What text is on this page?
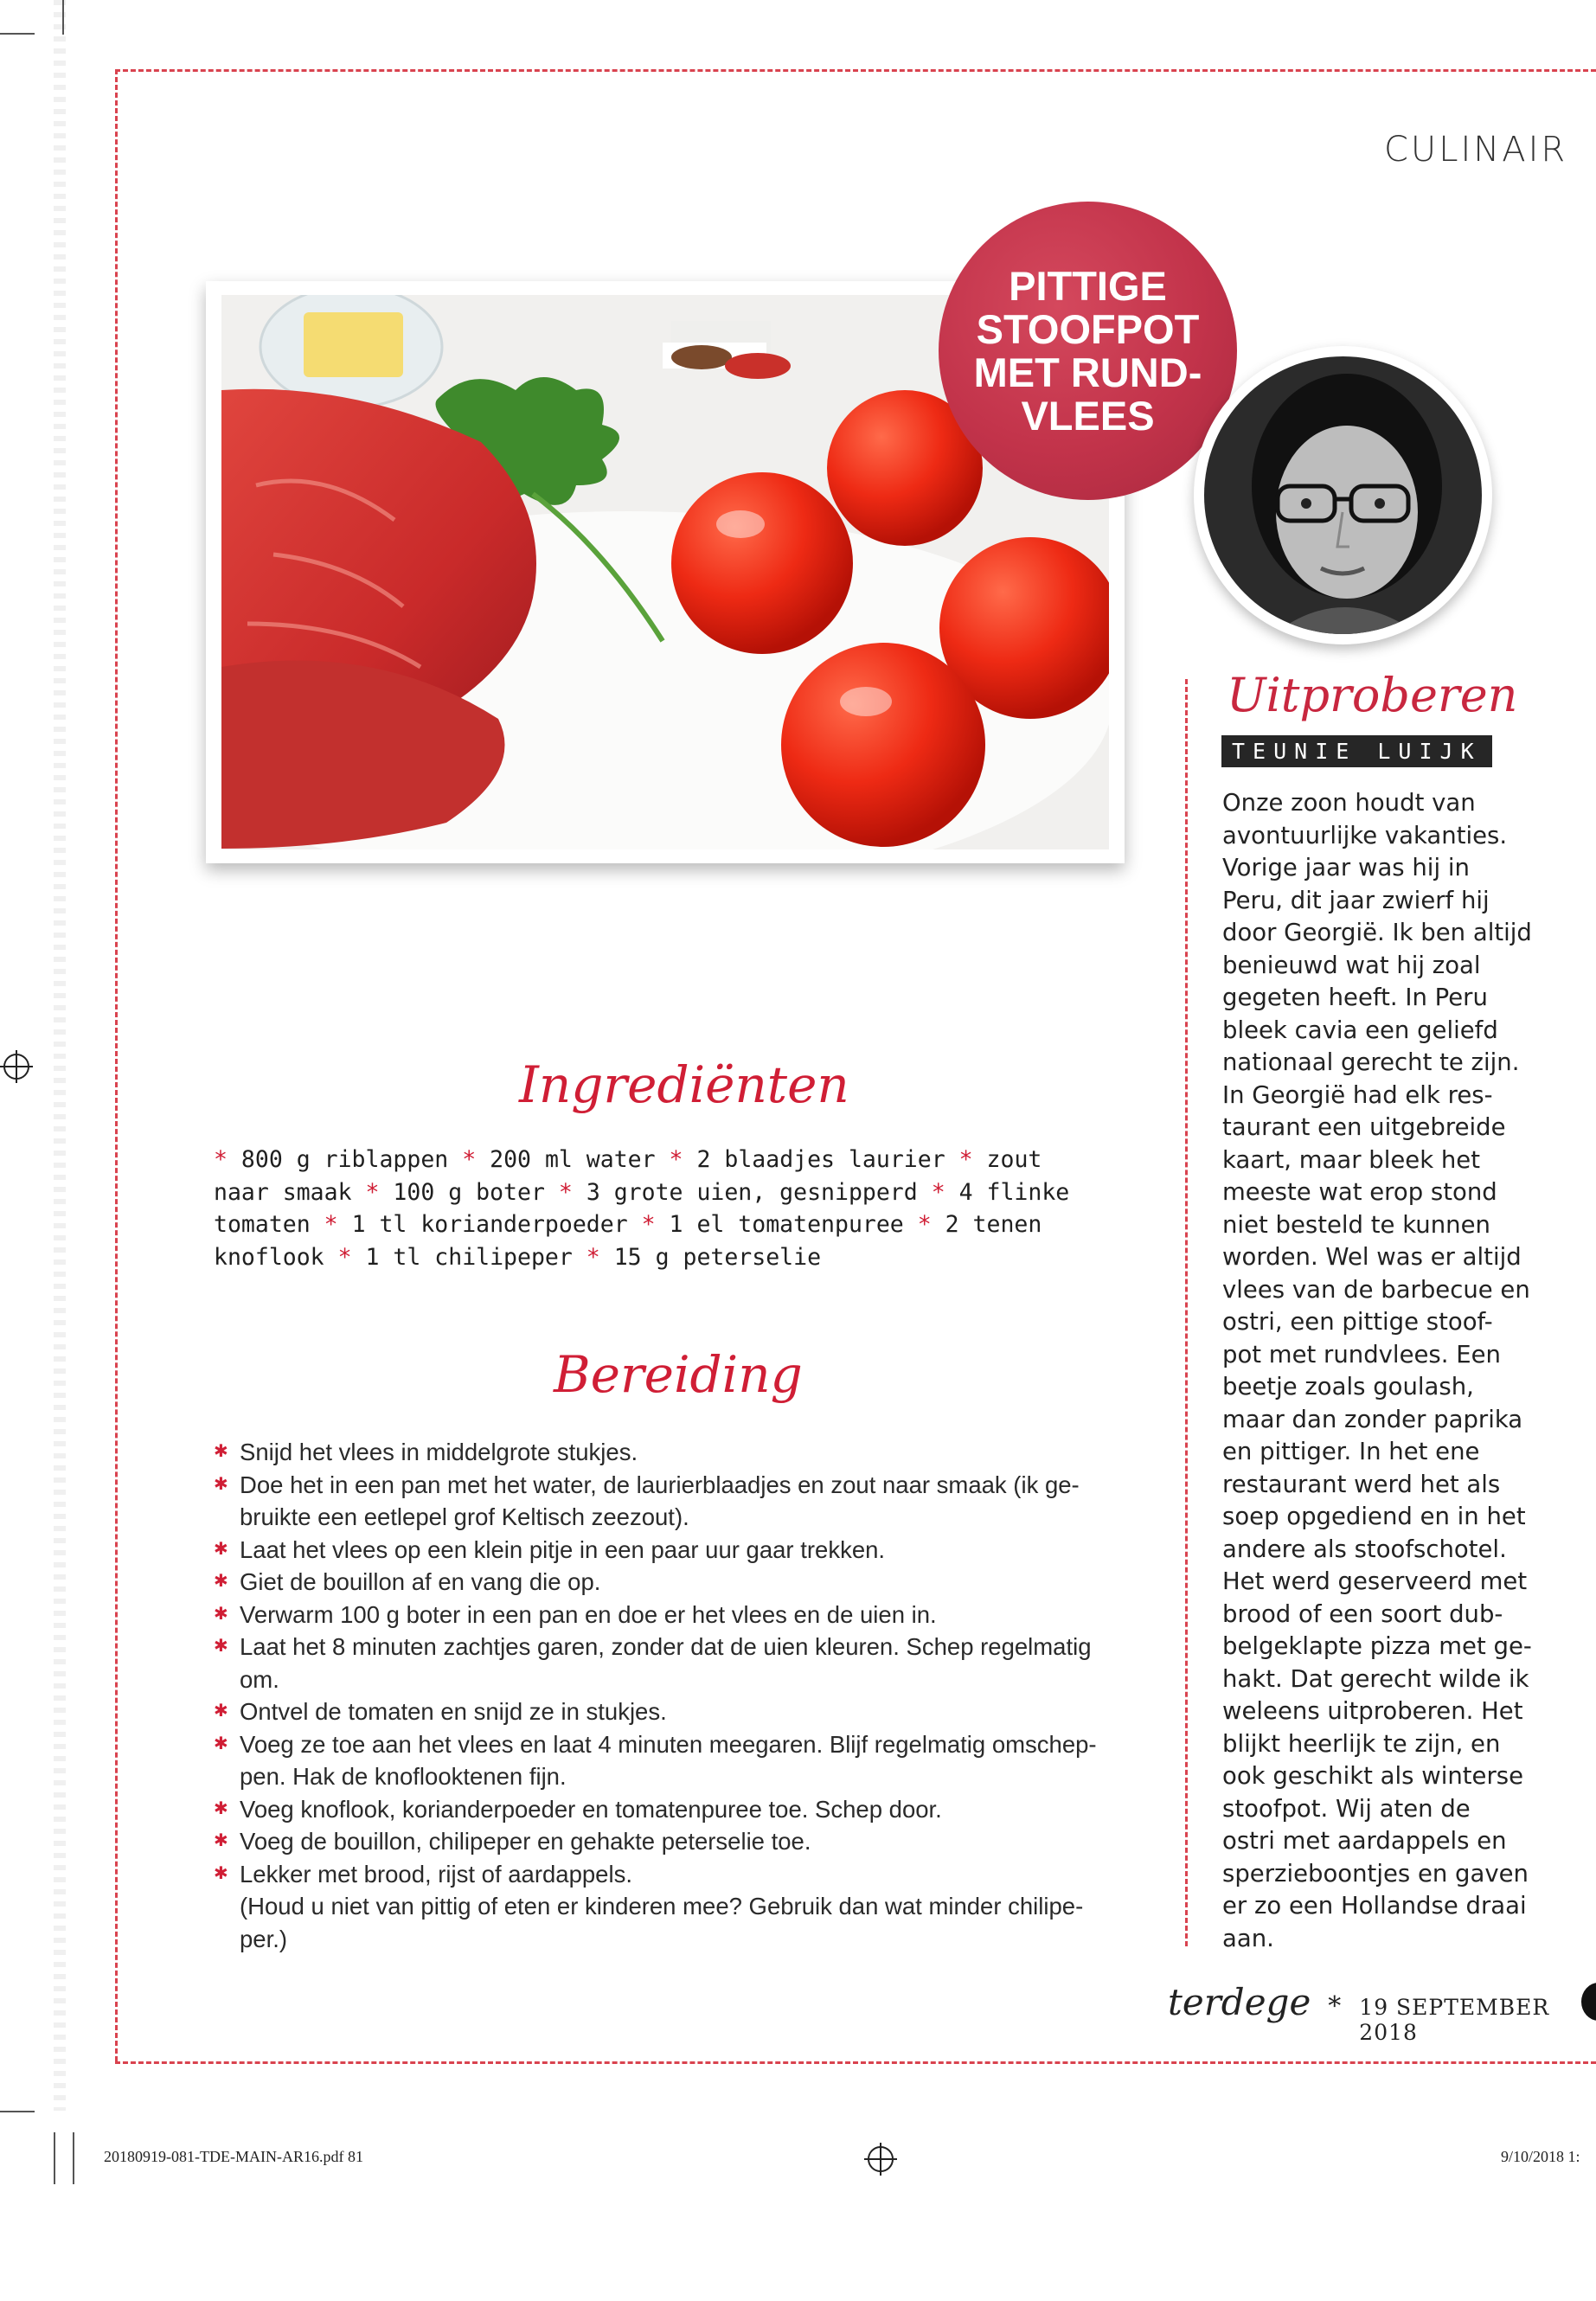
CULINAIR
PITTIGE
STOOFPOT
MET RUND-
VLEES
Uitproberen
TEUNIE LUIJK

Onze zoon houdt van

avontuurlijke vakanties.

Vorige jaar was hij in

Peru, dit jaar zwierf hij

door Georgië. Ik ben altijd

benieuwd wat hij zoal

gegeten heeft. In Peru

bleek cavia een geliefd

nationaal gerecht te zijn.

In Georgië had elk res-

taurant een uitgebreide

kaart, maar bleek het

meeste wat erop stond

niet besteld te kunnen

worden. Wel was er altijd

vlees van de barbecue en

ostri, een pittige stoof-

pot met rundvlees. Een

beetje zoals goulash,

maar dan zonder paprika

en pittiger. In het ene

restaurant werd het als

soep opgediend en in het

andere als stoofschotel.

Het werd geserveerd met

brood of een soort dub-

belgeklapte pizza met ge-

hakt. Dat gerecht wilde ik

weleens uitproberen. Het

blijkt heerlijk te zijn, en

ook geschikt als winterse

stoofpot. Wij aten de

ostri met aardappels en

sperzieboontjes en gaven

er zo een Hollandse draai

aan.

Ingrediënten
* 800 g riblappen * 200 ml water * 2 blaadjes laurier * zout
naar smaak * 100 g boter * 3 grote uien, gesnipperd * 4 flinke
tomaten * 1 tl korianderpoeder * 1 el tomatenpuree * 2 tenen
knoflook * 1 tl chilipeper * 15 g peterselie
Bereiding
✱ Snijd het vlees in middelgrote stukjes.
✱ Doe het in een pan met het water, de laurierblaadjes en zout naar smaak (ik ge-bruikte een eetlepel grof Keltisch zeezout).
✱ Laat het vlees op een klein pitje in een paar uur gaar trekken.
✱ Giet de bouillon af en vang die op.
✱ Verwarm 100 g boter in een pan en doe er het vlees en de uien in.
✱ Laat het 8 minuten zachtjes garen, zonder dat de uien kleuren. Schep regelmatig om.
✱ Ontvel de tomaten en snijd ze in stukjes.
✱ Voeg ze toe aan het vlees en laat 4 minuten meegaren. Blijf regelmatig omschep-pen. Hak de knoflooktenen fijn.
✱ Voeg knoflook, korianderpoeder en tomatenpuree toe. Schep door.
✱ Voeg de bouillon, chilipeper en gehakte peterselie toe.
✱ Lekker met brood, rijst of aardappels.
(Houd u niet van pittig of eten er kinderen mee? Gebruik dan wat minder chilipe-per.)
terdege * 19 SEPTEMBER 2018
20180919-081-TDE-MAIN-AR16.pdf 81	9/10/2018 1:
